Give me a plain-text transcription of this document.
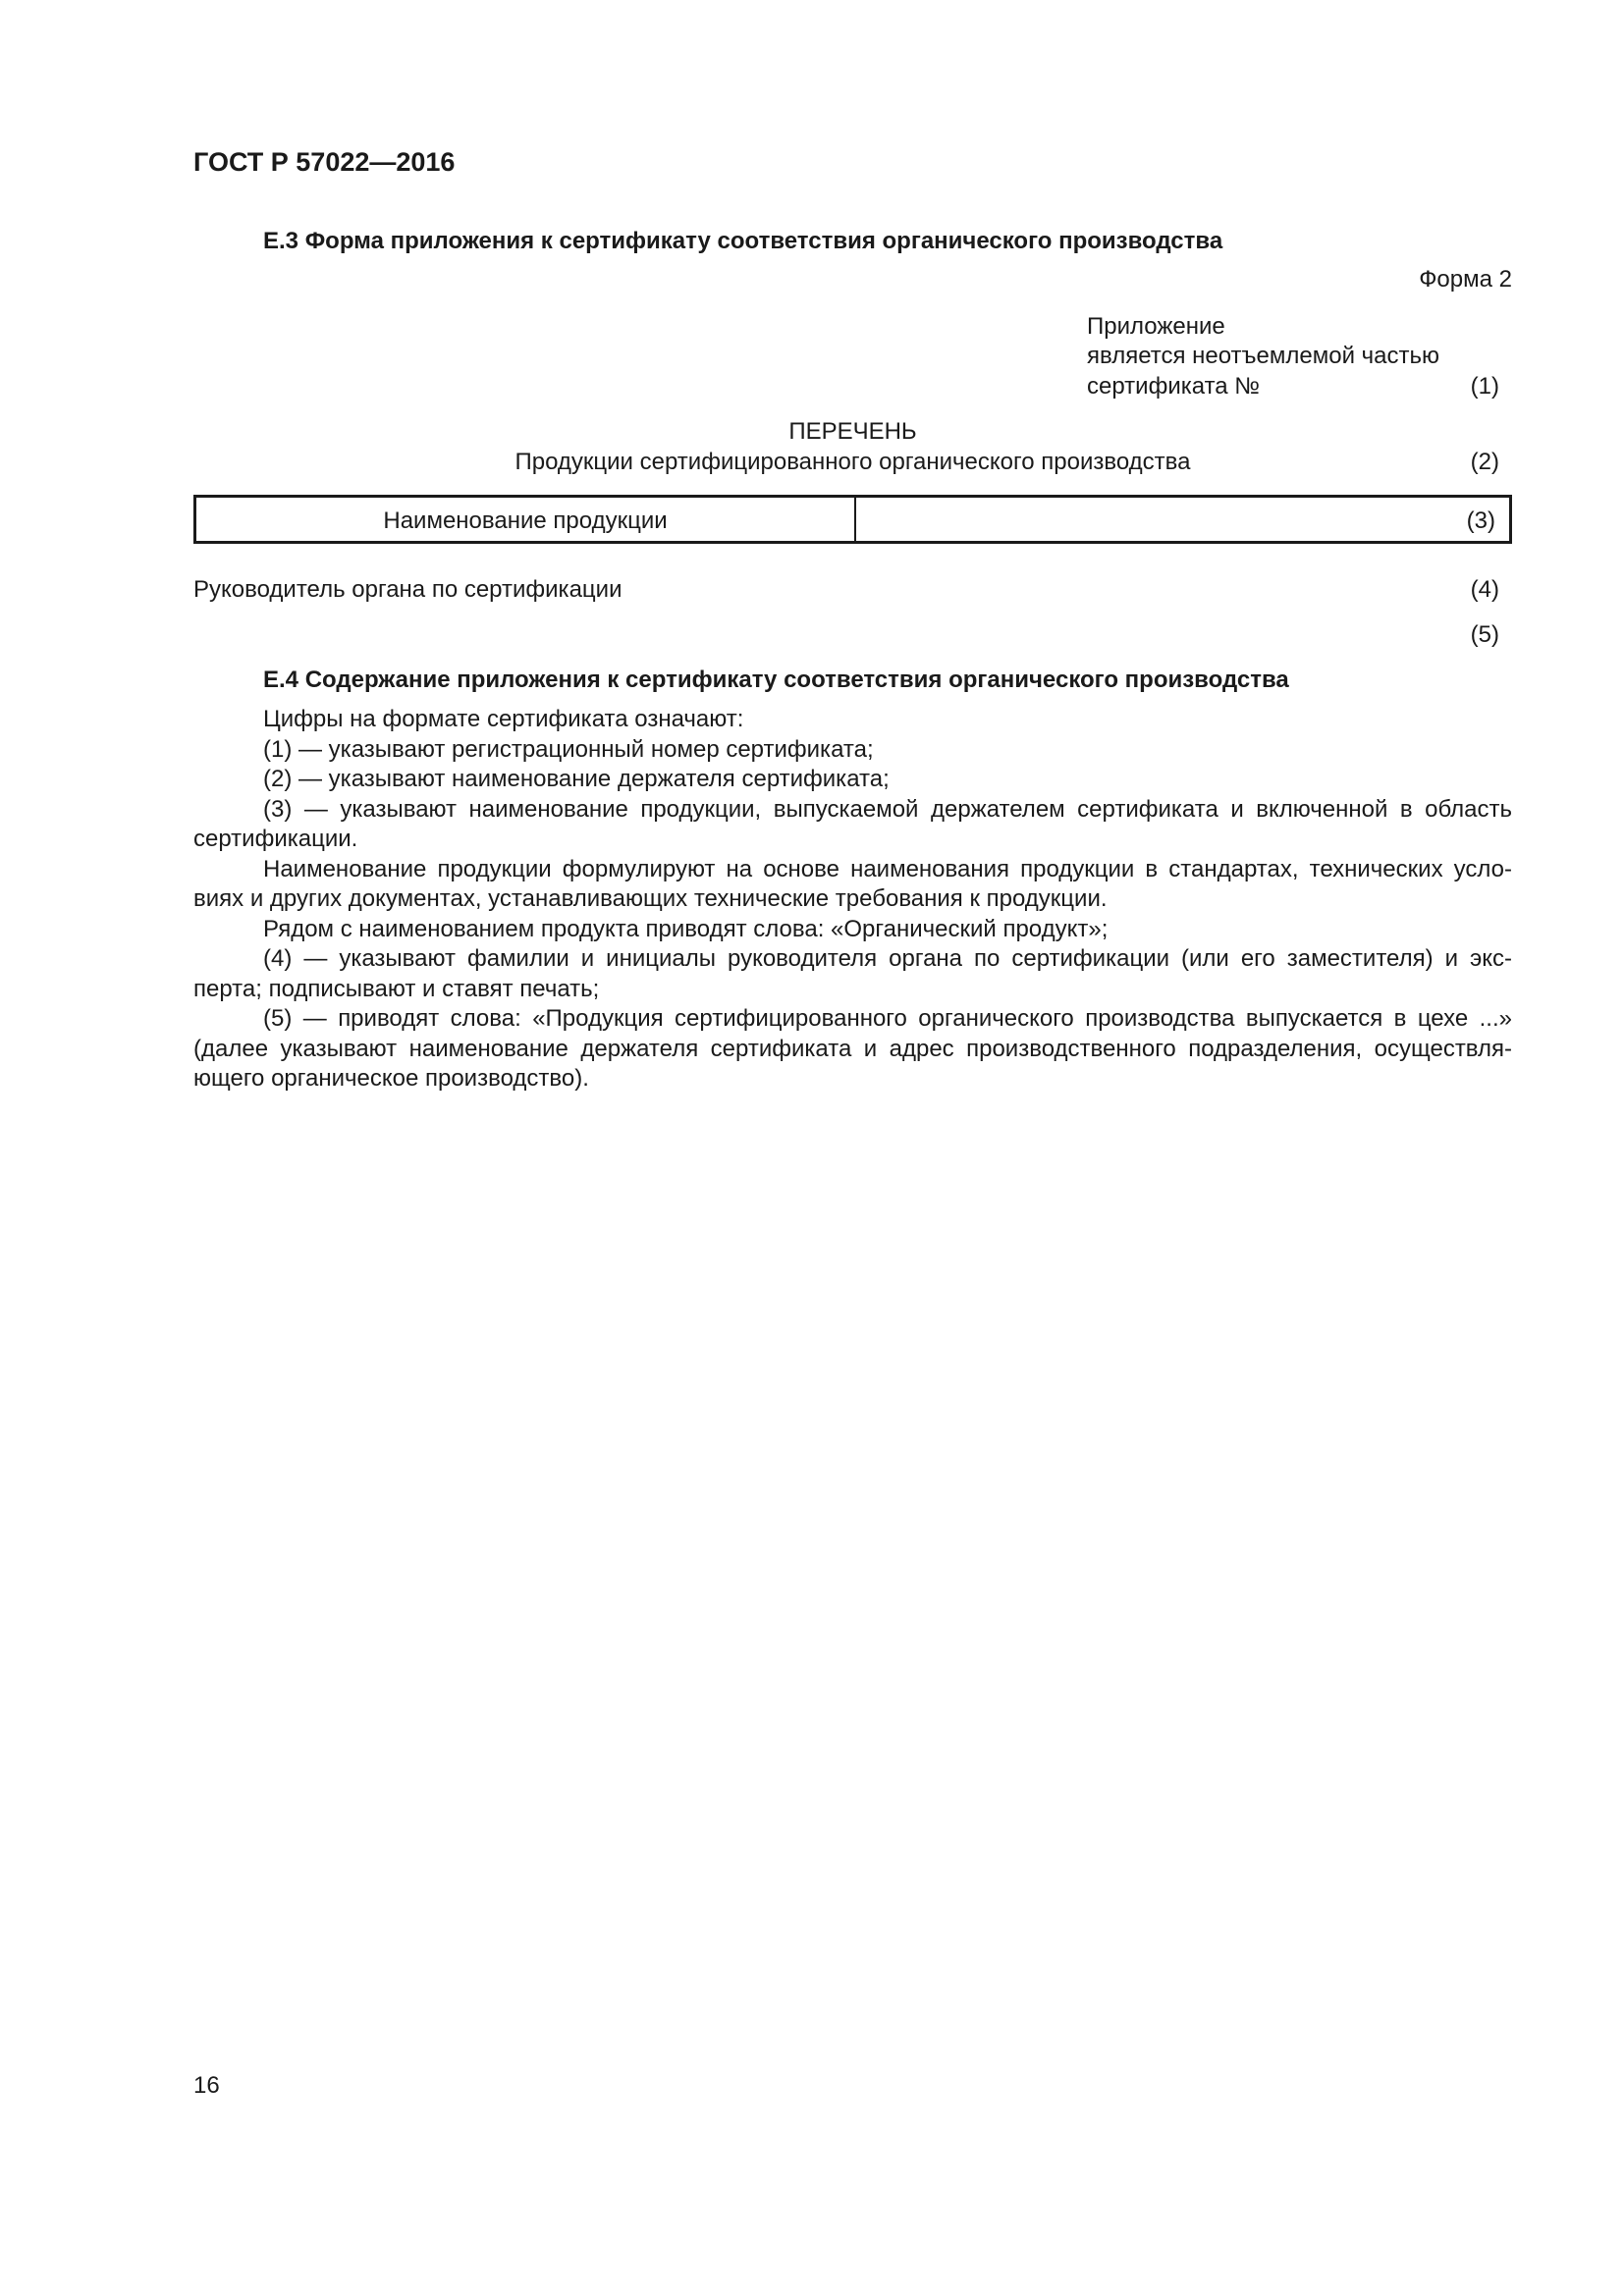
ГОСТ Р 57022—2016
Е.3 Форма приложения к сертификату соответствия органического производства
Форма 2
Приложение
является неотъемлемой частью
сертификата №	(1)
ПЕРЕЧЕНЬ
Продукции сертифицированного органического производства	(2)
Наименование продукции	(3)
Руководитель органа по сертификации	(4)
(5)
Е.4 Содержание приложения к сертификату соответствия органического производства
Цифры на формате сертификата означают:
(1) — указывают регистрационный номер сертификата;
(2) — указывают наименование держателя сертификата;
(3) — указывают наименование продукции, выпускаемой держателем сертификата и включенной в область
сертификации.
Наименование продукции формулируют на основе наименования продукции в стандартах, технических усло-
виях и других документах, устанавливающих технические требования к продукции.
Рядом с наименованием продукта приводят слова: «Органический продукт»;
(4) — указывают фамилии и инициалы руководителя органа по сертификации (или его заместителя) и экс-
перта; подписывают и ставят печать;
(5) — приводят слова: «Продукция сертифицированного органического производства выпускается в цехе ...»
(далее указывают наименование держателя сертификата и адрес производственного подразделения, осуществля-
ющего органическое производство).
16
